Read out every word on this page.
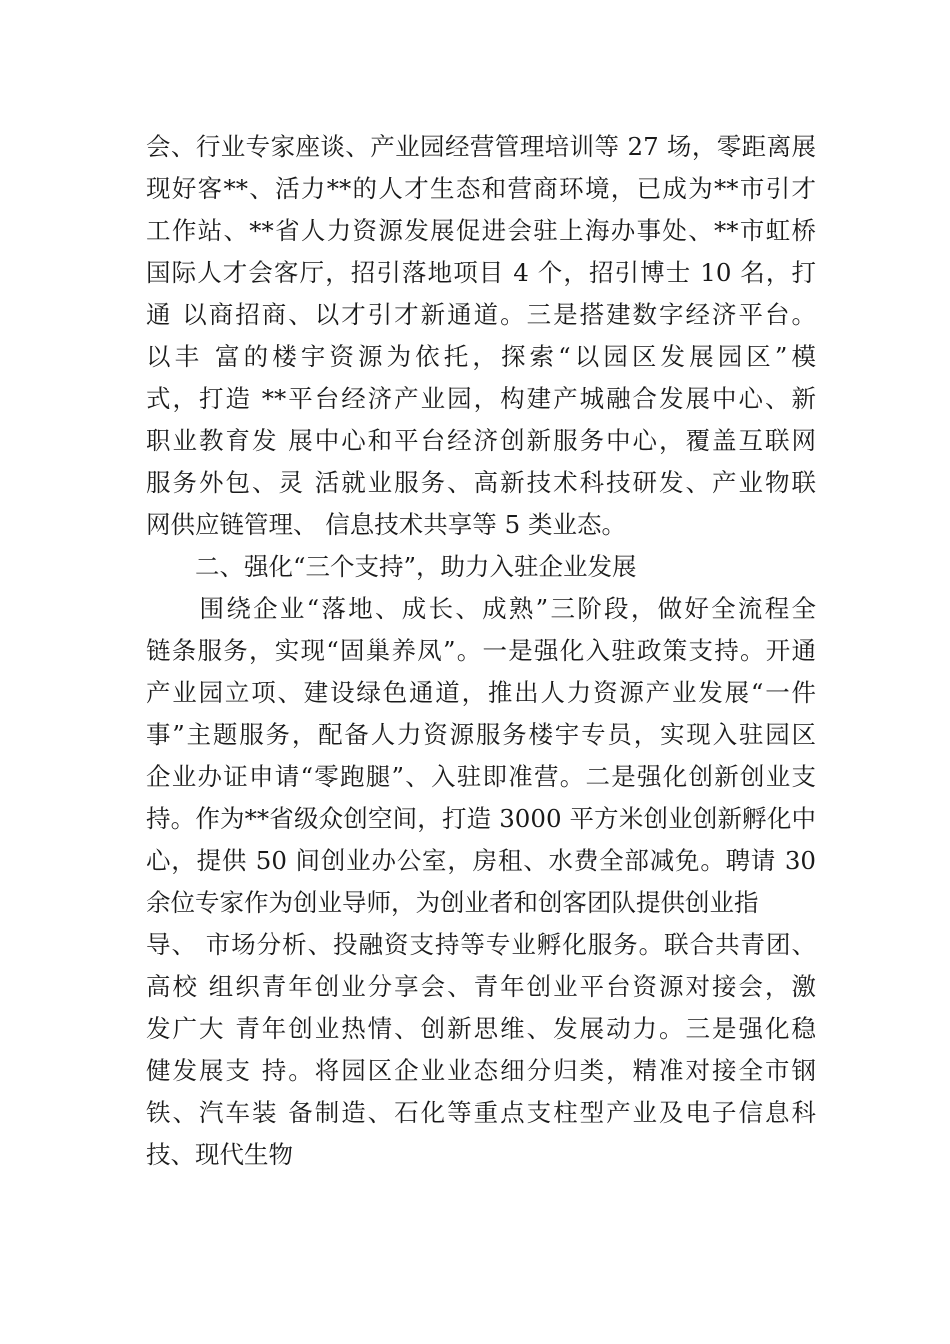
会、行业专家座谈、产业园经营管理培训等 27 场，零距离展
现好客**、活力**的人才生态和营商环境，已成为**市引才
工作站、**省人力资源发展促进会驻上海办事处、**市虹桥
国际人才会客厅，招引落地项目 4 个，招引博士 10 名，打
通 以商招商、以才引才新通道。三是搭建数字经济平台。
以丰 富的楼宇资源为依托，探索“以园区发展园区”模
式，打造 **平台经济产业园，构建产城融合发展中心、新
职业教育发 展中心和平台经济创新服务中心，覆盖互联网
服务外包、灵 活就业服务、高新技术科技研发、产业物联
网供应链管理、 信息技术共享等 5 类业态。
　　二、强化“三个支持”，助力入驻企业发展
　　围绕企业“落地、成长、成熟”三阶段，做好全流程全
链条服务，实现“固巢养凤”。一是强化入驻政策支持。开通
产业园立项、建设绿色通道，推出人力资源产业发展“一件
事”主题服务，配备人力资源服务楼宇专员，实现入驻园区
企业办证申请“零跑腿”、入驻即准营。二是强化创新创业支
持。作为**省级众创空间，打造 3000 平方米创业创新孵化中
心，提供 50 间创业办公室，房租、水费全部减免。聘请 30
余位专家作为创业导师，为创业者和创客团队提供创业指
导、 市场分析、投融资支持等专业孵化服务。联合共青团、
高校 组织青年创业分享会、青年创业平台资源对接会，激
发广大 青年创业热情、创新思维、发展动力。三是强化稳
健发展支 持。将园区企业业态细分归类，精准对接全市钢
铁、汽车装 备制造、石化等重点支柱型产业及电子信息科
技、现代生物
